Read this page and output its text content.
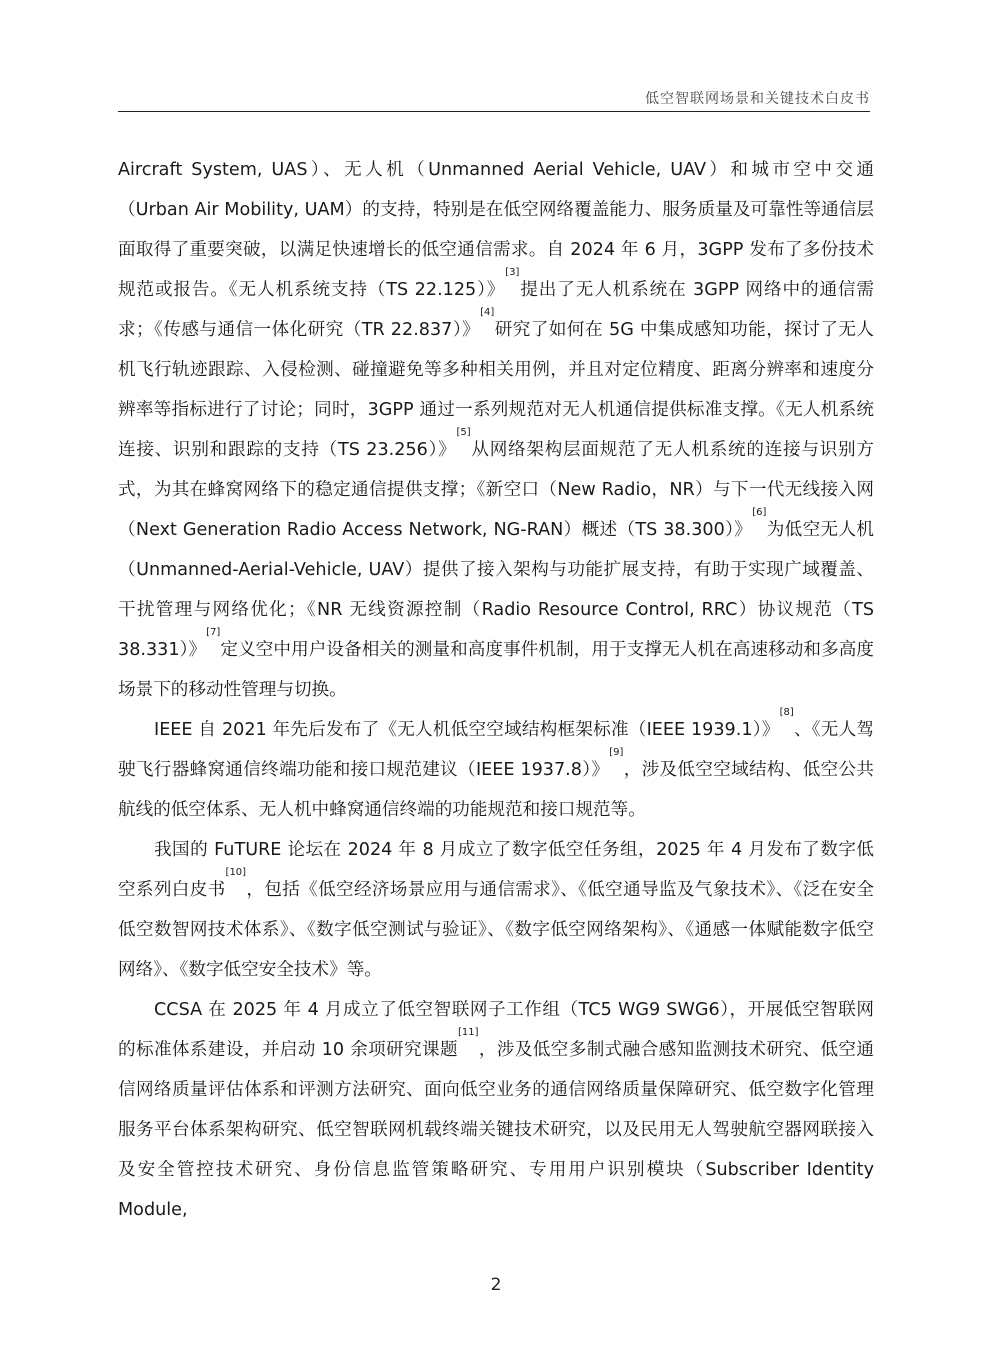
低空智联网场景和关键技术白皮书

Aircraft System, UAS）、无人机（Unmanned Aerial Vehicle, UAV）和城市空中交通（Urban Air Mobility, UAM）的支持，特别是在低空网络覆盖能力、服务质量及可靠性等通信层面取得了重要突破，以满足快速增长的低空通信需求。自 2024 年 6 月，3GPP 发布了多份技术规范或报告。《无人机系统支持（TS 22.125）》[3]提出了无人机系统在 3GPP 网络中的通信需求；《传感与通信一体化研究（TR 22.837）》[4]研究了如何在 5G 中集成感知功能，探讨了无人机飞行轨迹跟踪、入侵检测、碰撞避免等多种相关用例，并且对定位精度、距离分辨率和速度分辨率等指标进行了讨论；同时，3GPP 通过一系列规范对无人机通信提供标准支撑。《无人机系统连接、识别和跟踪的支持（TS 23.256）》[5]从网络架构层面规范了无人机系统的连接与识别方式，为其在蜂窝网络下的稳定通信提供支撑；《新空口（New Radio，NR）与下一代无线接入网（Next Generation Radio Access Network, NG-RAN）概述（TS 38.300）》[6]为低空无人机（Unmanned-Aerial-Vehicle, UAV）提供了接入架构与功能扩展支持，有助于实现广域覆盖、干扰管理与网络优化；《NR 无线资源控制（Radio Resource Control, RRC）协议规范（TS 38.331）》[7]定义空中用户设备相关的测量和高度事件机制，用于支撑无人机在高速移动和多高度场景下的移动性管理与切换。

IEEE 自 2021 年先后发布了《无人机低空空域结构框架标准（IEEE 1939.1）》[8]、《无人驾驶飞行器蜂窝通信终端功能和接口规范建议（IEEE 1937.8）》[9]，涉及低空空域结构、低空公共航线的低空体系、无人机中蜂窝通信终端的功能规范和接口规范等。

我国的 FuTURE 论坛在 2024 年 8 月成立了数字低空任务组，2025 年 4 月发布了数字低空系列白皮书[10]，包括《低空经济场景应用与通信需求》、《低空通导监及气象技术》、《泛在安全低空数智网技术体系》、《数字低空测试与验证》、《数字低空网络架构》、《通感一体赋能数字低空网络》、《数字低空安全技术》等。

CCSA 在 2025 年 4 月成立了低空智联网子工作组（TC5 WG9 SWG6），开展低空智联网的标准体系建设，并启动 10 余项研究课题[11]，涉及低空多制式融合感知监测技术研究、低空通信网络质量评估体系和评测方法研究、面向低空业务的通信网络质量保障研究、低空数字化管理服务平台体系架构研究、低空智联网机载终端关键技术研究，以及民用无人驾驶航空器网联接入及安全管控技术研究、身份信息监管策略研究、专用用户识别模块（Subscriber Identity Module,

2
